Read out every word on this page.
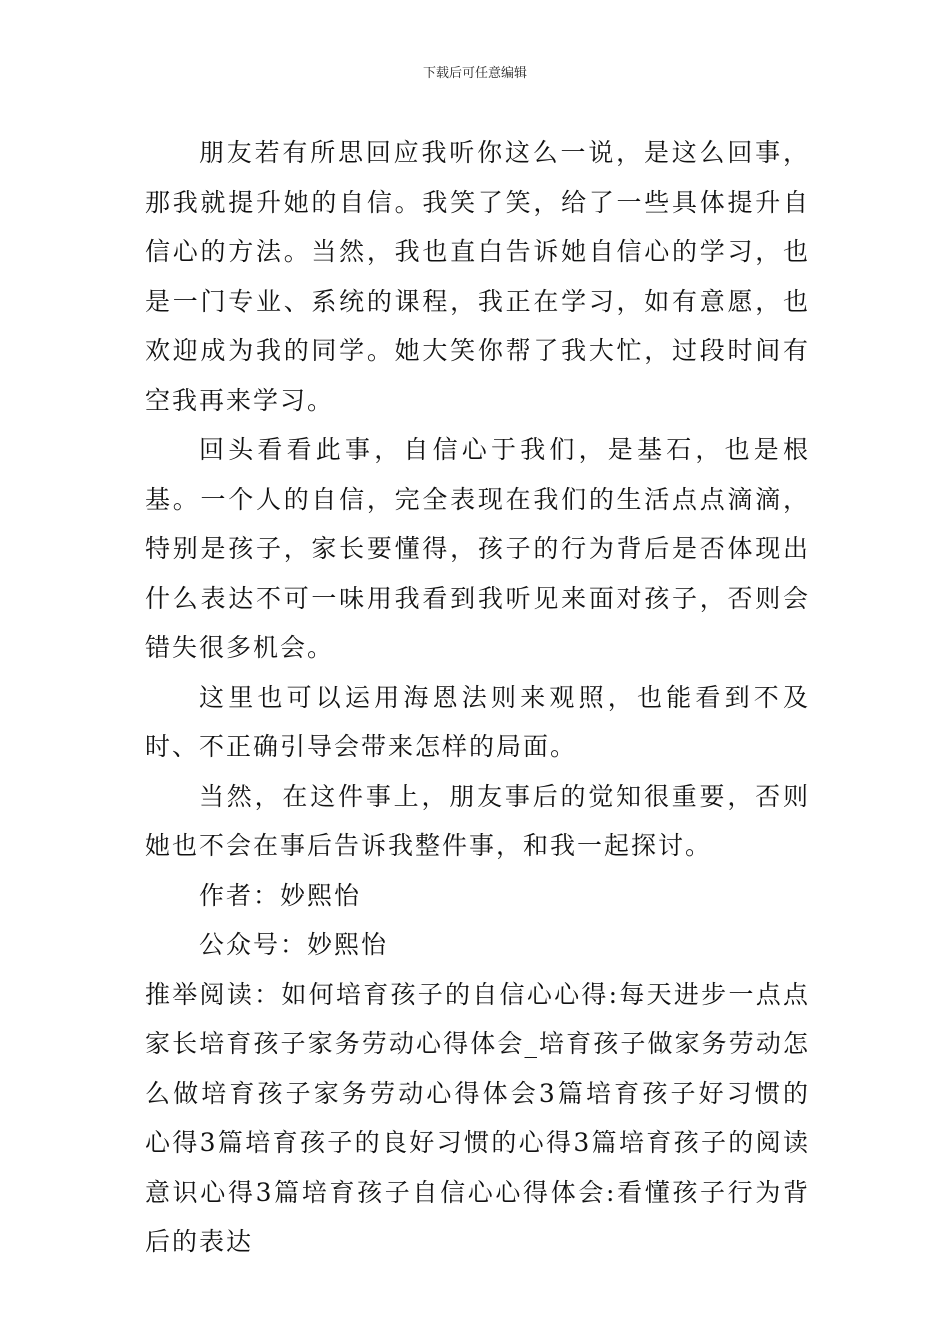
下载后可任意编辑

朋友若有所思回应我听你这么一说，是这么回事，那我就提升她的自信。我笑了笑，给了一些具体提升自信心的方法。当然，我也直白告诉她自信心的学习，也是一门专业、系统的课程，我正在学习，如有意愿，也欢迎成为我的同学。她大笑你帮了我大忙，过段时间有空我再来学习。

回头看看此事，自信心于我们，是基石，也是根基。一个人的自信，完全表现在我们的生活点点滴滴，特别是孩子，家长要懂得，孩子的行为背后是否体现出什么表达不可一味用我看到我听见来面对孩子，否则会错失很多机会。

这里也可以运用海恩法则来观照，也能看到不及时、不正确引导会带来怎样的局面。

当然，在这件事上，朋友事后的觉知很重要，否则她也不会在事后告诉我整件事，和我一起探讨。

作者：妙熙怡

公众号：妙熙怡

推举阅读：如何培育孩子的自信心心得:每天进步一点点家长培育孩子家务劳动心得体会_培育孩子做家务劳动怎么做培育孩子家务劳动心得体会3篇培育孩子好习惯的心得3篇培育孩子的良好习惯的心得3篇培育孩子的阅读意识心得3篇培育孩子自信心心得体会:看懂孩子行为背后的表达
